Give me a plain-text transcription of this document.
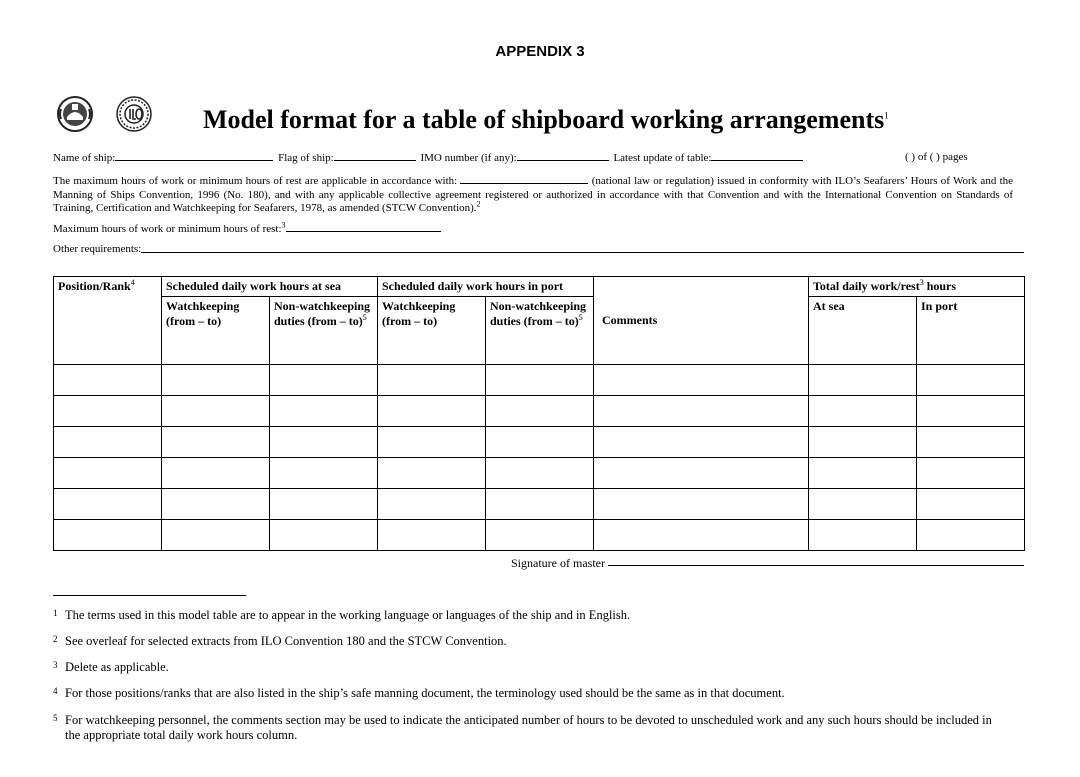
APPENDIX 3
Model format for a table of shipboard working arrangements$^1$
Name of ship:	Flag of ship:	IMO number (if any):	Latest update of table:	( ) of ( ) pages
The maximum hours of work or minimum hours of rest are applicable in accordance with:	(national law or regulation) issued in conformity with ILO’s Seafarers’ Hours of Work and the Manning of Ships Convention, 1996 (No. 180), and with any applicable collective agreement registered or authorized in accordance with that Convention and with the International Convention on Standards of Training, Certification and Watchkeeping for Seafarers, 1978, as amended (STCW Convention).$^2$
Maximum hours of work or minimum hours of rest:$^3$
Other requirements:
Position/Rank$^4$	Scheduled daily work hours at sea		Scheduled daily work hours in port		Comments	Total daily work/rest$^3$ hours	
	Watchkeeping (from – to)	Non-watchkeeping duties (from – to)$^5$	Watchkeeping (from – to)	Non-watchkeeping duties (from – to)$^5$		At sea	In port

Signature of master
1 The terms used in this model table are to appear in the working language or languages of the ship and in English.
2 See overleaf for selected extracts from ILO Convention 180 and the STCW Convention.
3 Delete as applicable.
4 For those positions/ranks that are also listed in the ship’s safe manning document, the terminology used should be the same as in that document.
5 For watchkeeping personnel, the comments section may be used to indicate the anticipated number of hours to be devoted to unscheduled work and any such hours should be included in the appropriate total daily work hours column.
